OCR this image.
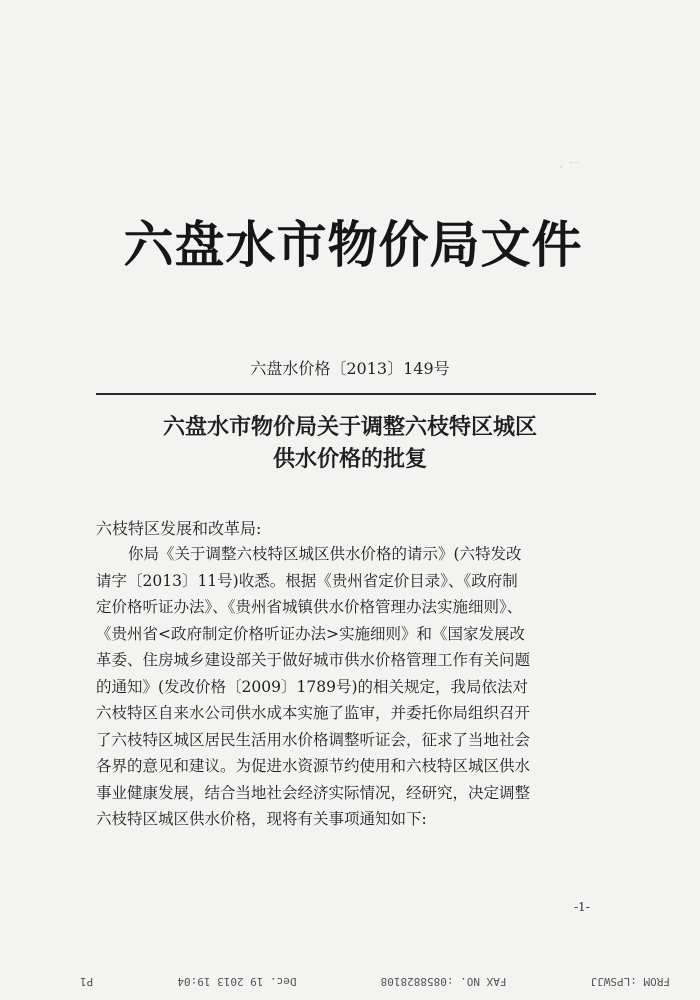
一 、　　　　　　　　　　　　　　　　　　　　　　　　　　　　　　　　

六盘水市物价局文件
六盘水价格〔2013〕149号
六盘水市物价局关于调整六枝特区城区
供水价格的批复
六枝特区发展和改革局:
你局《关于调整六枝特区城区供水价格的请示》(六特发改
请字〔2013〕11号)收悉。根据《贵州省定价目录》、《政府制
定价格听证办法》、《贵州省城镇供水价格管理办法实施细则》、
《贵州省<政府制定价格听证办法>实施细则》和《国家发展改
革委、住房城乡建设部关于做好城市供水价格管理工作有关问题
的通知》(发改价格〔2009〕1789号)的相关规定，我局依法对
六枝特区自来水公司供水成本实施了监审，并委托你局组织召开
了六枝特区城区居民生活用水价格调整听证会，征求了当地社会
各界的意见和建议。为促进水资源节约使用和六枝特区城区供水
事业健康发展，结合当地社会经济实际情况，经研究，决定调整
六枝特区城区供水价格，现将有关事项通知如下:
-1-
FROM :LPSWJJ
FAX NO. :0858828108
Dec. 19 2013 19:04
P1
